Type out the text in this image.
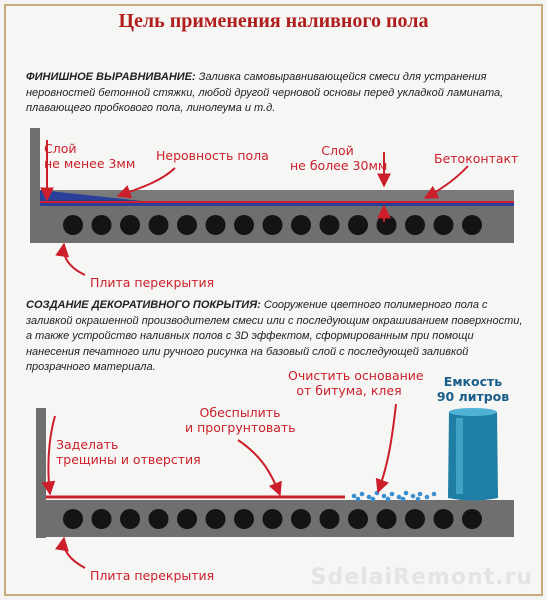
Цель применения наливного пола
ФИНИШНОЕ ВЫРАВНИВАНИЕ: Заливка самовыравнивающейся смеси для устранения неровностей бетонной стяжки, любой другой черновой основы перед укладкой ламината, плавающего пробкового пола, линолеума и т.д.
Слой
не менее 3мм
Неровность пола	Слой
не более 30мм	Бетоконтакт
Плита перекрытия
СОЗДАНИЕ ДЕКОРАТИВНОГО ПОКРЫТИЯ: Сооружение цветного полимерного пола с заливкой окрашенной производителем смеси или с последующим окрашиванием поверхности, а также устройство наливных полов с 3D эффектом, сформированным при помощи нанесения печатного или ручного рисунка на базовый слой с последующей заливкой прозрачного материала.
Очистить основание
от битума, клея
Емкость
90 литров
Обеспылить
и прогрунтовать
Заделать
трещины и отверстия
Плита перекрытия	SdelaiRemont.ru
